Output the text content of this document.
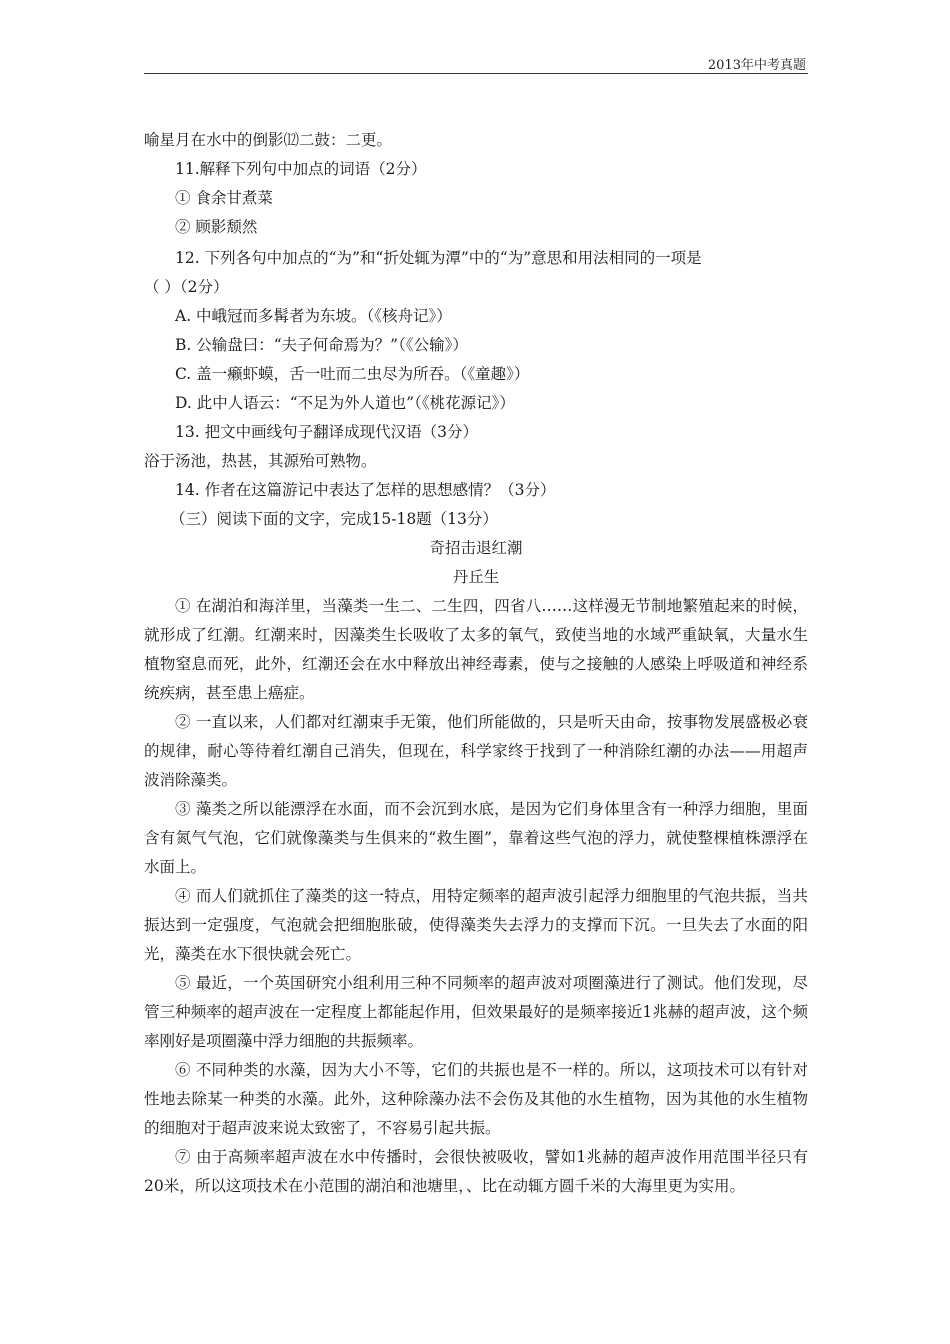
2013年中考真题
喻星月在水中的倒影⑿二鼓：二更。
11.解释下列句中加点的词语（2分）
① 食余甘煮菜
② 顾影颓然
12. 下列各句中加点的“为”和“折处辄为潭”中的“为”意思和用法相同的一项是
（ ）（2分）
A. 中峨冠而多髯者为东坡。（《核舟记》）
B. 公输盘曰：“夫子何命焉为？”（《公输》）
C. 盖一癞虾蟆，舌一吐而二虫尽为所吞。（《童趣》）
D. 此中人语云：“不足为外人道也”（《桃花源记》）
13. 把文中画线句子翻译成现代汉语（3分）
浴于汤池，热甚，其源殆可熟物。
14. 作者在这篇游记中表达了怎样的思想感情？（3分）
（三）阅读下面的文字，完成15-18题（13分）
奇招击退红潮
丹丘生

① 在湖泊和海洋里，当藻类一生二、二生四，四省八……这样漫无节制地繁殖起来的时候，就形成了红潮。红潮来时，因藻类生长吸收了太多的氧气，致使当地的水域严重缺氧，大量水生植物窒息而死，此外，红潮还会在水中释放出神经毒素，使与之接触的人感染上呼吸道和神经系统疾病，甚至患上癌症。

② 一直以来，人们都对红潮束手无策，他们所能做的，只是听天由命，按事物发展盛极必衰的规律，耐心等待着红潮自己消失，但现在，科学家终于找到了一种消除红潮的办法——用超声波消除藻类。

③ 藻类之所以能漂浮在水面，而不会沉到水底，是因为它们身体里含有一种浮力细胞，里面含有氮气气泡，它们就像藻类与生俱来的“救生圈”，靠着这些气泡的浮力，就使整棵植株漂浮在水面上。

④ 而人们就抓住了藻类的这一特点，用特定频率的超声波引起浮力细胞里的气泡共振，当共振达到一定强度，气泡就会把细胞胀破，使得藻类失去浮力的支撑而下沉。一旦失去了水面的阳光，藻类在水下很快就会死亡。

⑤ 最近，一个英国研究小组利用三种不同频率的超声波对项圈藻进行了测试。他们发现，尽管三种频率的超声波在一定程度上都能起作用，但效果最好的是频率接近1兆赫的超声波，这个频率刚好是项圈藻中浮力细胞的共振频率。

⑥ 不同种类的水藻，因为大小不等，它们的共振也是不一样的。所以，这项技术可以有针对性地去除某一种类的水藻。此外，这种除藻办法不会伤及其他的水生植物，因为其他的水生植物的细胞对于超声波来说太致密了，不容易引起共振。

⑦ 由于高频率超声波在水中传播时，会很快被吸收，譬如1兆赫的超声波作用范围半径只有20米，所以这项技术在小范围的湖泊和池塘里，、比在动辄方圆千米的大海里更为实用。
